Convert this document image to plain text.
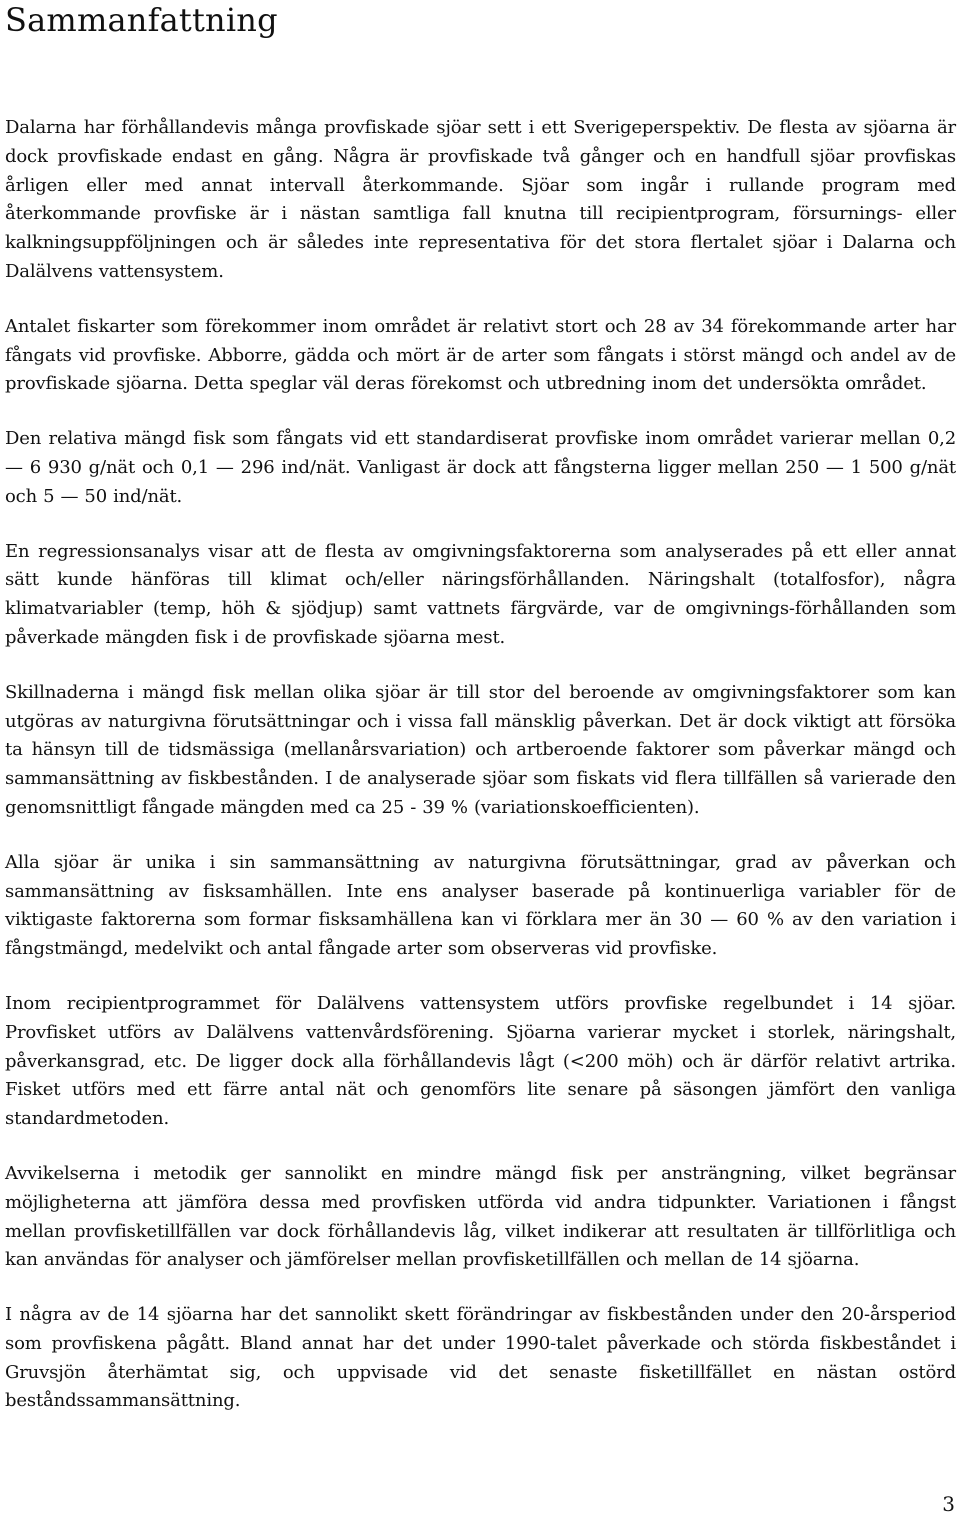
Sammanfattning

Dalarna har förhållandevis många provfiskade sjöar sett i ett Sverigeperspektiv. De flesta av sjöarna är dock provfiskade endast en gång. Några är provfiskade två gånger och en handfull sjöar provfiskas årligen eller med annat intervall återkommande. Sjöar som ingår i rullande program med återkommande provfiske är i nästan samtliga fall knutna till recipientprogram, försurnings- eller kalkningsuppföljningen och är således inte representativa för det stora flertalet sjöar i Dalarna och Dalälvens vattensystem.

Antalet fiskarter som förekommer inom området är relativt stort och 28 av 34 förekommande arter har fångats vid provfiske. Abborre, gädda och mört är de arter som fångats i störst mängd och andel av de provfiskade sjöarna. Detta speglar väl deras förekomst och utbredning inom det undersökta området.

Den relativa mängd fisk som fångats vid ett standardiserat provfiske inom området varierar mellan 0,2 — 6 930 g/nät och 0,1 — 296 ind/nät. Vanligast är dock att fångsterna ligger mellan 250 — 1 500 g/nät och 5 — 50 ind/nät.

En regressionsanalys visar att de flesta av omgivningsfaktorerna som analyserades på ett eller annat sätt kunde hänföras till klimat och/eller näringsförhållanden. Näringshalt (totalfosfor), några klimatvariabler (temp, höh & sjödjup) samt vattnets färgvärde, var de omgivnings-förhållanden som påverkade mängden fisk i de provfiskade sjöarna mest.

Skillnaderna i mängd fisk mellan olika sjöar är till stor del beroende av omgivningsfaktorer som kan utgöras av naturgivna förutsättningar och i vissa fall mänsklig påverkan. Det är dock viktigt att försöka ta hänsyn till de tidsmässiga (mellanårsvariation) och artberoende faktorer som påverkar mängd och sammansättning av fiskbestånden. I de analyserade sjöar som fiskats vid flera tillfällen så varierade den genomsnittligt fångade mängden med ca 25 - 39 % (variationskoefficienten).

Alla sjöar är unika i sin sammansättning av naturgivna förutsättningar, grad av påverkan och sammansättning av fisksamhällen. Inte ens analyser baserade på kontinuerliga variabler för de viktigaste faktorerna som formar fisksamhällena kan vi förklara mer än 30 — 60 % av den variation i fångstmängd, medelvikt och antal fångade arter som observeras vid provfiske.

Inom recipientprogrammet för Dalälvens vattensystem utförs provfiske regelbundet i 14 sjöar. Provfisket utförs av Dalälvens vattenvårdsförening. Sjöarna varierar mycket i storlek, näringshalt, påverkansgrad, etc. De ligger dock alla förhållandevis lågt (<200 möh) och är därför relativt artrika. Fisket utförs med ett färre antal nät och genomförs lite senare på säsongen jämfört den vanliga standardmetoden.

Avvikelserna i metodik ger sannolikt en mindre mängd fisk per ansträngning, vilket begränsar möjligheterna att jämföra dessa med provfisken utförda vid andra tidpunkter. Variationen i fångst mellan provfisketillfällen var dock förhållandevis låg, vilket indikerar att resultaten är tillförlitliga och kan användas för analyser och jämförelser mellan provfisketillfällen och mellan de 14 sjöarna.

I några av de 14 sjöarna har det sannolikt skett förändringar av fiskbestånden under den 20-årsperiod som provfiskena pågått. Bland annat har det under 1990-talet påverkade och störda fiskbeståndet i Gruvsjön återhämtat sig, och uppvisade vid det senaste fisketillfället en nästan ostörd beståndssammansättning.

3
